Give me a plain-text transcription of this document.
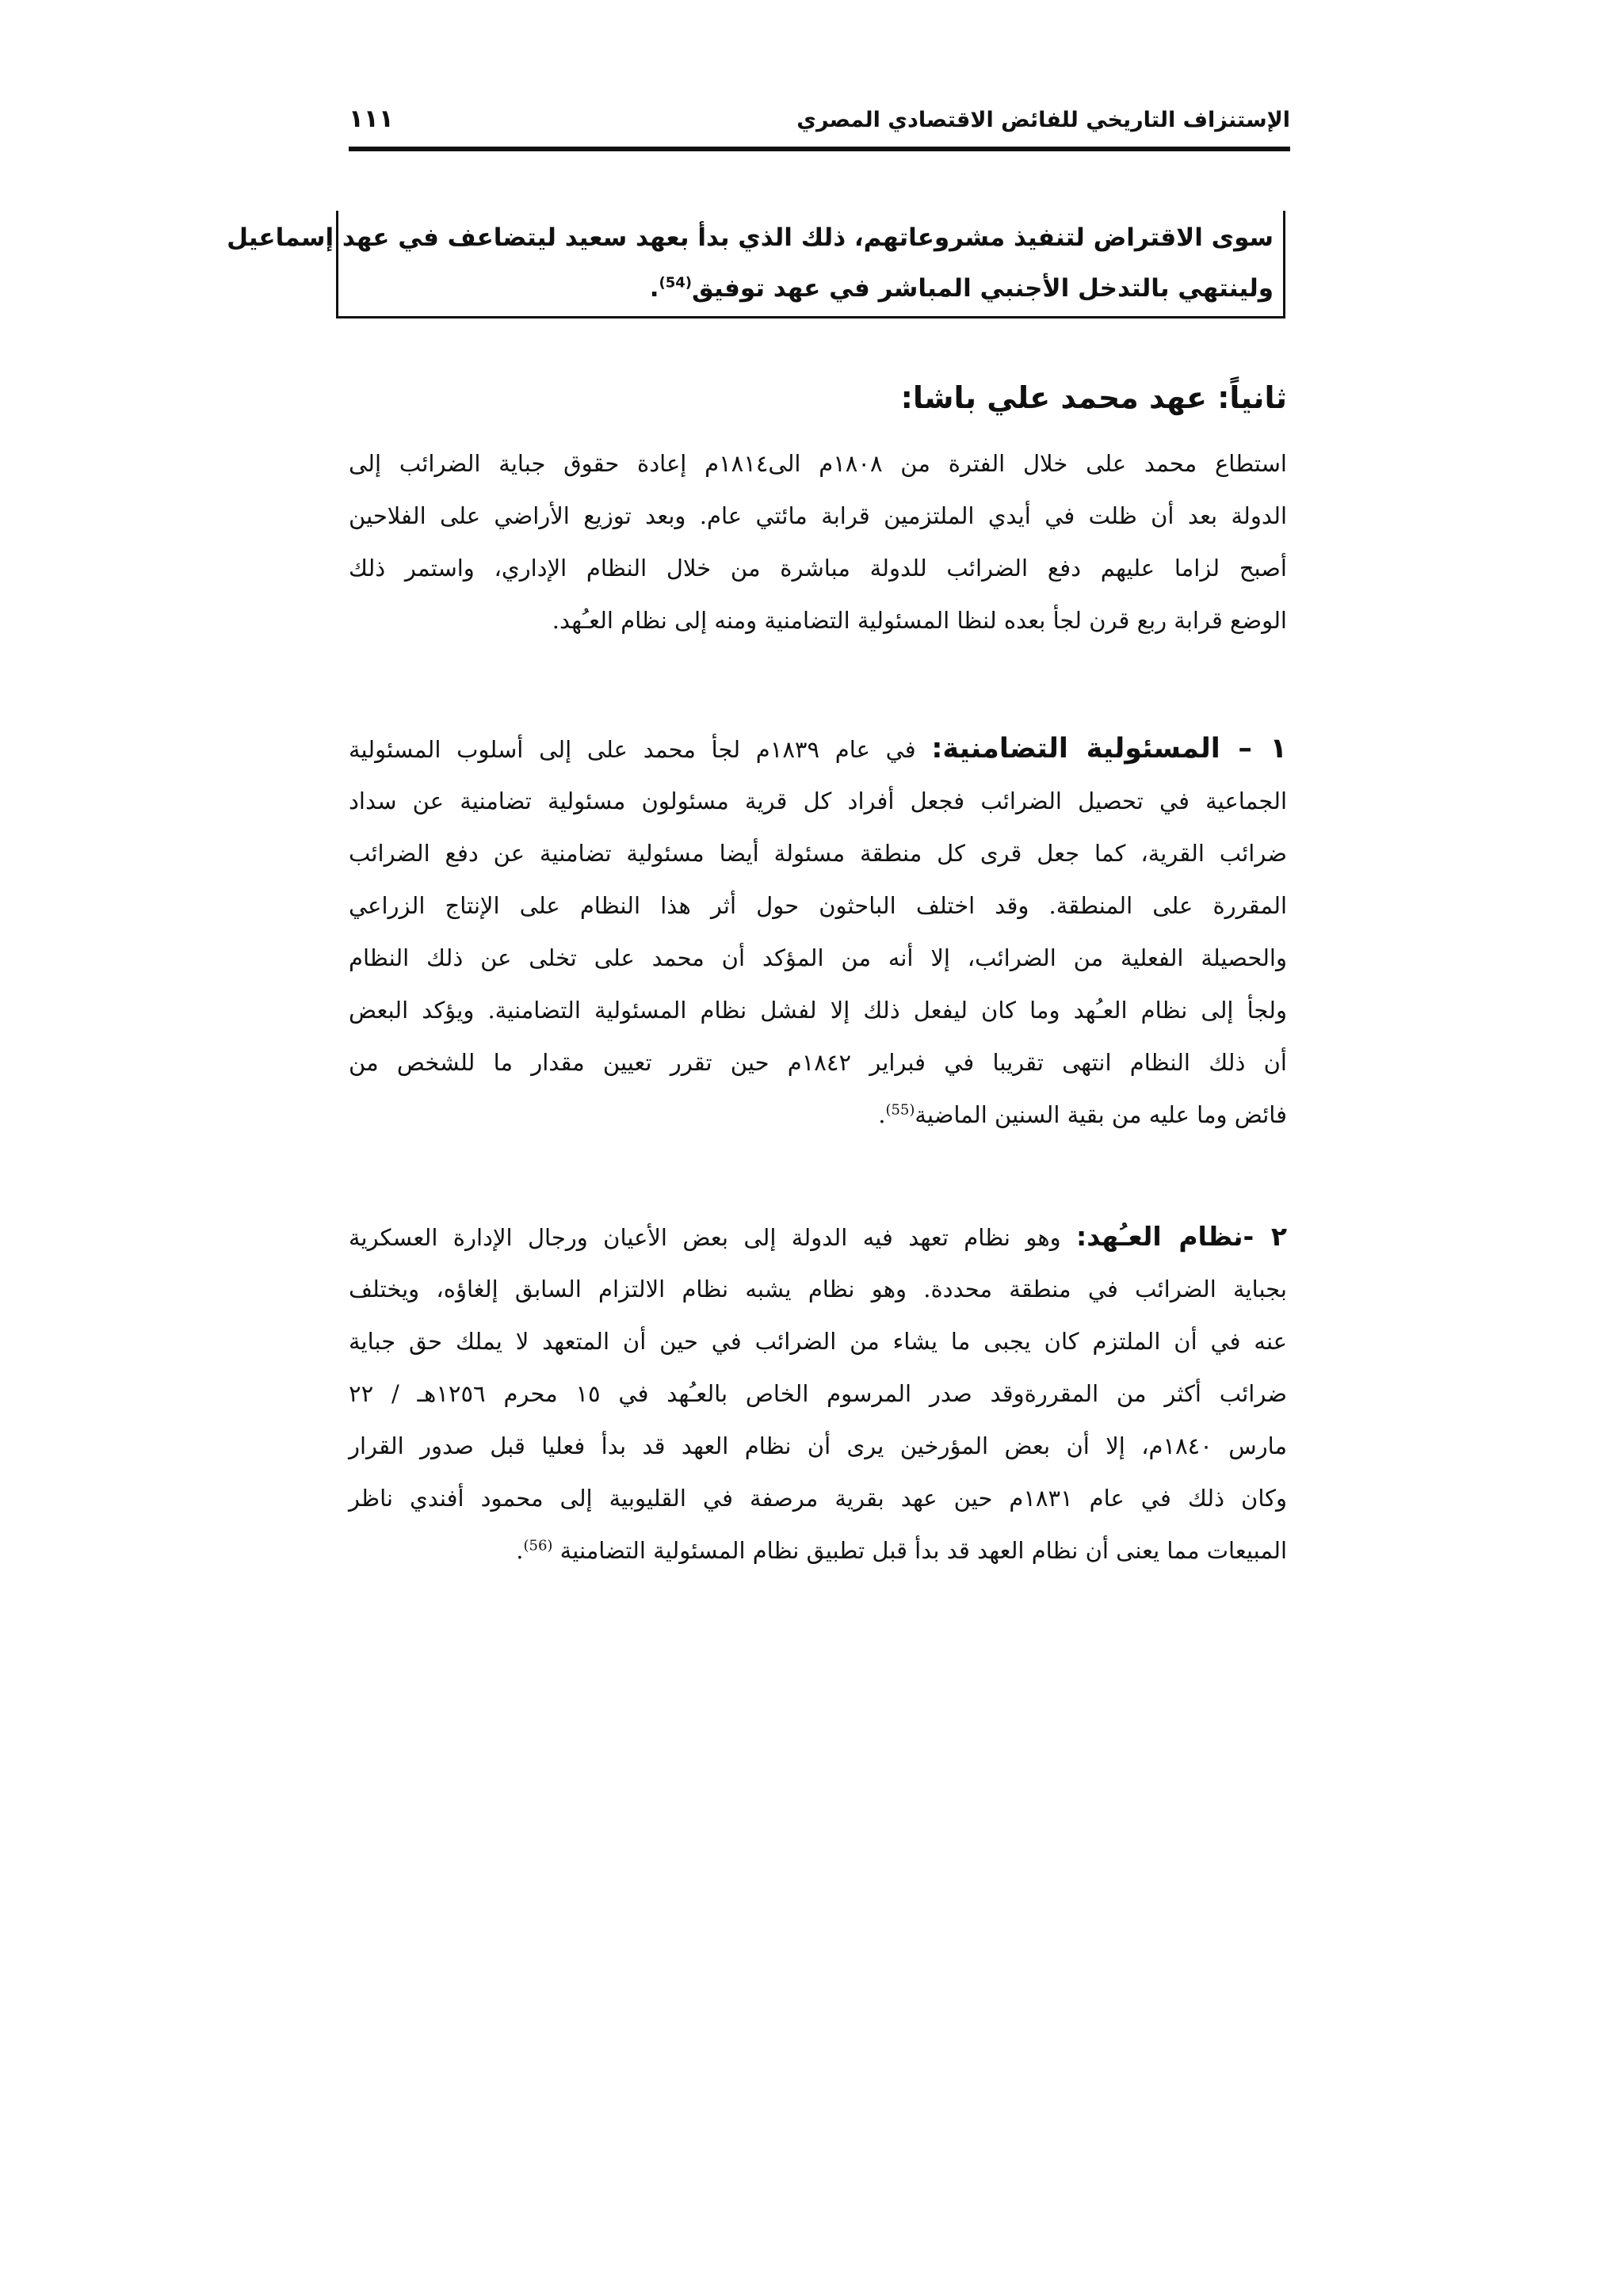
الإستنزاف التاريخي للفائض الاقتصادي المصري
١١١
سوى الاقتراض لتنفيذ مشروعاتهم، ذلك الذي بدأ بعهد سعيد ليتضاعف في عهد إسماعيل
ولينتهي بالتدخل الأجنبي المباشر في عهد توفيق$^{(54)}$.
ثانياً: عهد محمد علي باشا:
استطاع محمد على خلال الفترة من ١٨٠٨م الى١٨١٤م إعادة حقوق جباية الضرائب إلى
الدولة بعد أن ظلت في أيدي الملتزمين قرابة مائتي عام. وبعد توزيع الأراضي على الفلاحين
أصبح لزاما عليهم دفع الضرائب للدولة مباشرة من خلال النظام الإداري، واستمر ذلك
الوضع قرابة ربع قرن لجأ بعده لنظا المسئولية التضامنية ومنه إلى نظام العـُهد.
١ – المسئولية التضامنية: في عام ١٨٣٩م لجأ محمد على إلى أسلوب المسئولية
الجماعية في تحصيل الضرائب فجعل أفراد كل قرية مسئولون مسئولية تضامنية عن سداد
ضرائب القرية، كما جعل قرى كل منطقة مسئولة أيضا مسئولية تضامنية عن دفع الضرائب
المقررة على المنطقة. وقد اختلف الباحثون حول أثر هذا النظام على الإنتاج الزراعي
والحصيلة الفعلية من الضرائب، إلا أنه من المؤكد أن محمد على تخلى عن ذلك النظام
ولجأ إلى نظام العـُهد وما كان ليفعل ذلك إلا لفشل نظام المسئولية التضامنية. ويؤكد البعض
أن ذلك النظام انتهى تقريبا في فبراير ١٨٤٢م حين تقرر تعيين مقدار ما للشخص من
فائض وما عليه من بقية السنين الماضية$^{(55)}$.
٢ -نظام العـُهد: وهو نظام تعهد فيه الدولة إلى بعض الأعيان ورجال الإدارة العسكرية
بجباية الضرائب في منطقة محددة. وهو نظام يشبه نظام الالتزام السابق إلغاؤه، ويختلف
عنه في أن الملتزم كان يجبى ما يشاء من الضرائب في حين أن المتعهد لا يملك حق جباية
ضرائب أكثر من المقررةوقد صدر المرسوم الخاص بالعـُهد في ١٥ محرم ١٢٥٦هـ / ٢٢
مارس ١٨٤٠م، إلا أن بعض المؤرخين يرى أن نظام العهد قد بدأ فعليا قبل صدور القرار
وكان ذلك في عام ١٨٣١م حين عهد بقرية مرصفة في القليوبية إلى محمود أفندي ناظر
المبيعات مما يعنى أن نظام العهد قد بدأ قبل تطبيق نظام المسئولية التضامنية $^{(56)}$.
